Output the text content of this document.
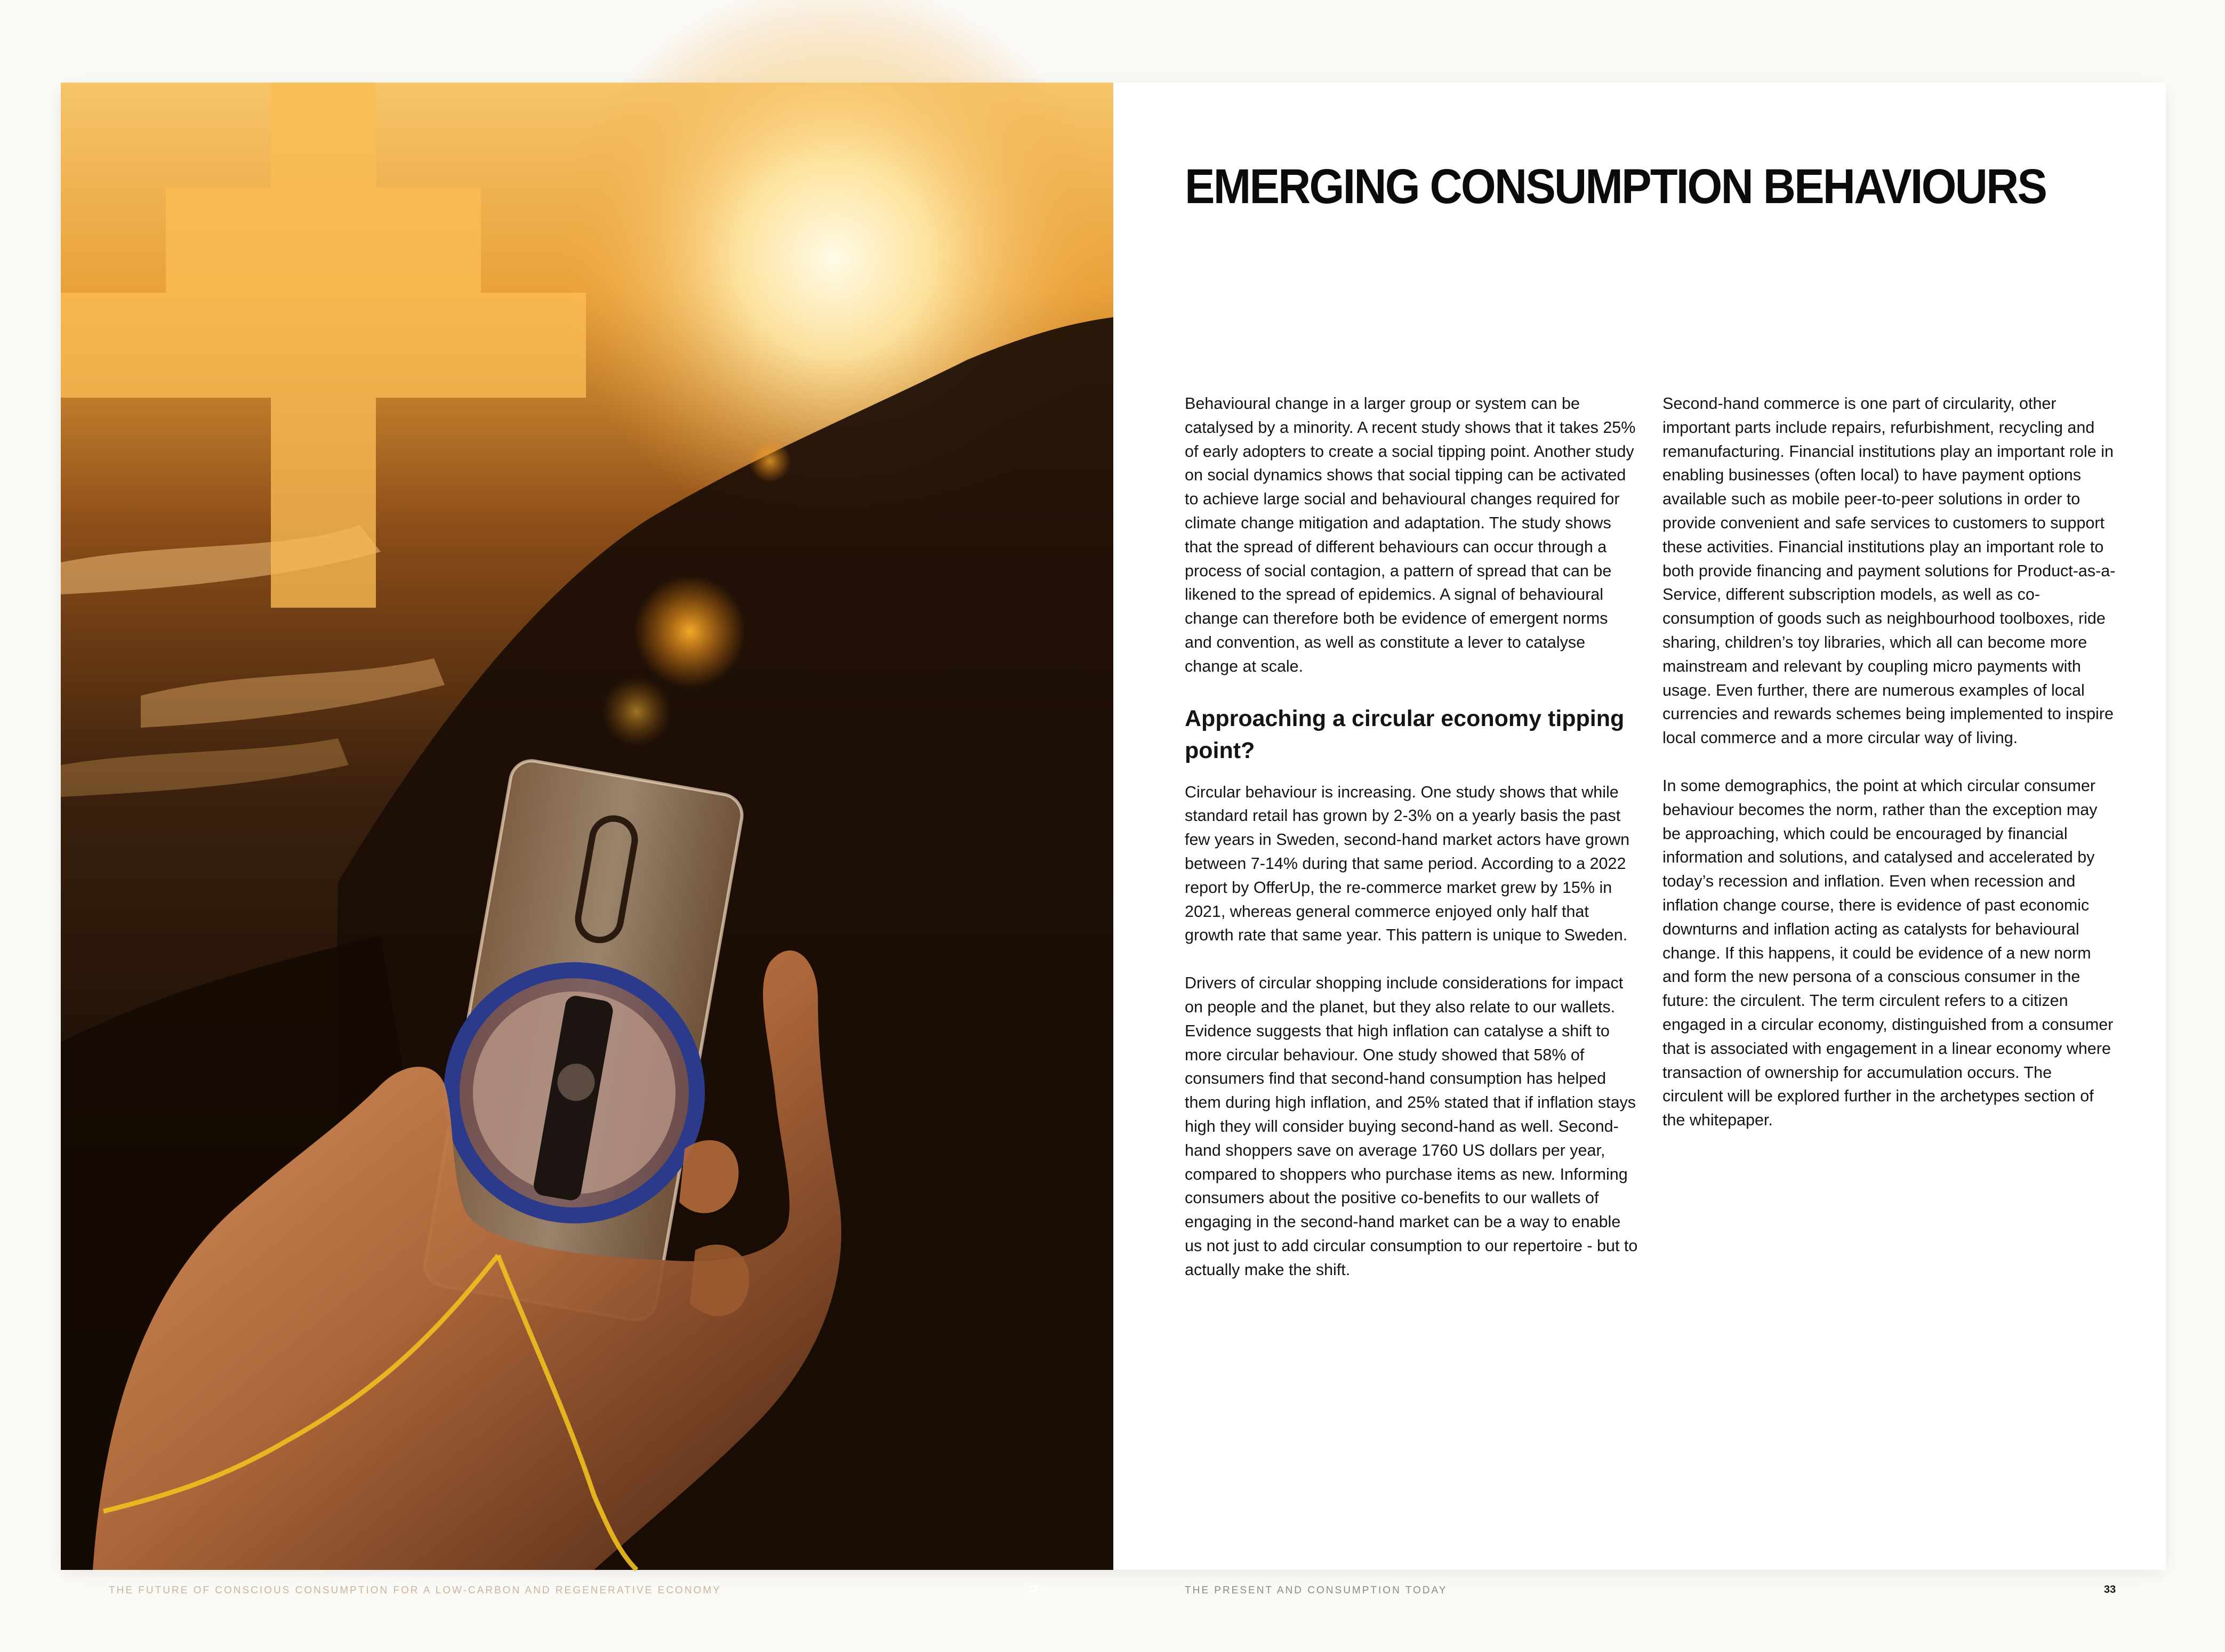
THE FUTURE OF CONSCIOUS CONSUMPTION FOR A LOW-CARBON AND REGENERATIVE ECONOMY	32
EMERGING CONSUMPTION BEHAVIOURS

Behavioural change in a larger group or system can be catalysed by a minority. A recent study shows that it takes 25% of early adopters to create a social tipping point. Another study on social dynamics shows that social tipping can be activated to achieve large social and behavioural changes required for climate change mitigation and adaptation. The study shows that the spread of different behaviours can occur through a process of social contagion, a pattern of spread that can be likened to the spread of epidemics. A signal of behavioural change can therefore both be evidence of emergent norms and convention, as well as constitute a lever to catalyse change at scale.

Approaching a circular economy tipping point?

Circular behaviour is increasing. One study shows that while standard retail has grown by 2-3% on a yearly basis the past few years in Sweden, second-hand market actors have grown between 7-14% during that same period. According to a 2022 report by OfferUp, the re-commerce market grew by 15% in 2021, whereas general commerce enjoyed only half that growth rate that same year. This pattern is unique to Sweden.

Drivers of circular shopping include considerations for impact on people and the planet, but they also relate to our wallets. Evidence suggests that high inflation can catalyse a shift to more circular behaviour. One study showed that 58% of consumers find that second-hand consumption has helped them during high inflation, and 25% stated that if inflation stays high they will consider buying second-hand as well. Second-hand shoppers save on average 1760 US dollars per year, compared to shoppers who purchase items as new. Informing consumers about the positive co-benefits to our wallets of engaging in the second-hand market can be a way to enable us not just to add circular consumption to our repertoire - but to actually make the shift.

Second-hand commerce is one part of circularity, other important parts include repairs, refurbishment, recycling and remanufacturing. Financial institutions play an important role in enabling businesses (often local) to have payment options available such as mobile peer-to-peer solutions in order to provide convenient and safe services to customers to support these activities. Financial institutions play an important role to both provide financing and payment solutions for Product-as-a-Service, different subscription models, as well as co-consumption of goods such as neighbourhood toolboxes, ride sharing, children’s toy libraries, which all can become more mainstream and relevant by coupling micro payments with usage. Even further, there are numerous examples of local currencies and rewards schemes being implemented to inspire local commerce and a more circular way of living.

In some demographics, the point at which circular consumer behaviour becomes the norm, rather than the exception may be approaching, which could be encouraged by financial information and solutions, and catalysed and accelerated by today’s recession and inflation. Even when recession and inflation change course, there is evidence of past economic downturns and inflation acting as catalysts for behavioural change. If this happens, it could be evidence of a new norm and form the new persona of a conscious consumer in the future: the circulent. The term circulent refers to a citizen engaged in a circular economy, distinguished from a consumer that is associated with engagement in a linear economy where transaction of ownership for accumulation occurs. The circulent will be explored further in the archetypes section of the whitepaper.

THE PRESENT AND CONSUMPTION TODAY	33
